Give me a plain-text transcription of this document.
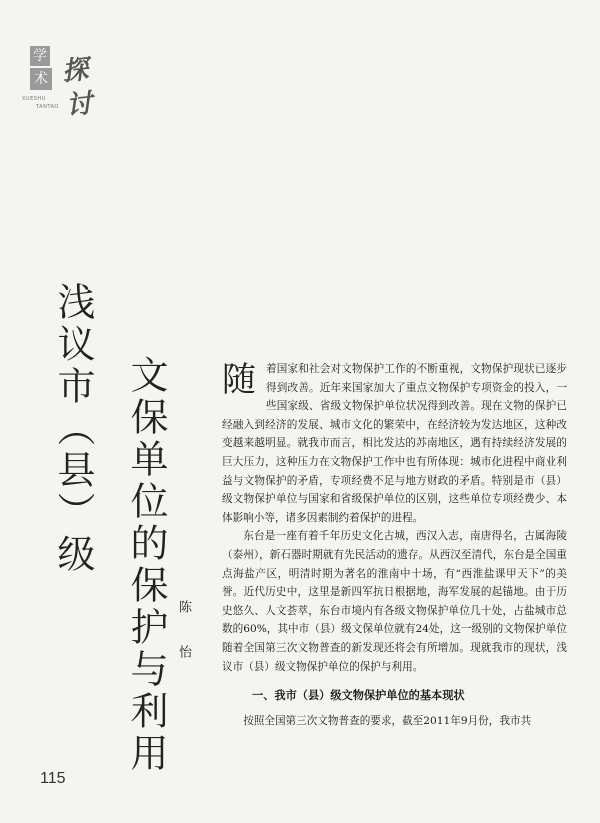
学
术 探
讨
XUESHU
TANTAO
浅议市（县）级 文保单位的保护与利用 陈 怡

随着国家和社会对文物保护工作的不断重视，文物保护现状已逐步得到改善。近年来国家加大了重点文物保护专项资金的投入，一些国家级、省级文物保护单位状况得到改善。现在文物的保护已经融入到经济的发展、城市文化的繁荣中，在经济较为发达地区，这种改变越来越明显。就我市而言，相比发达的苏南地区，遇有持续经济发展的巨大压力，这种压力在文物保护工作中也有所体现：城市化进程中商业利益与文物保护的矛盾，专项经费不足与地方财政的矛盾。特别是市（县）级文物保护单位与国家和省级保护单位的区别，这些单位专项经费少、本体影响小等，诸多因素制约着保护的进程。

东台是一座有着千年历史文化古城，西汉入志，南唐得名，古属海陵（泰州），新石器时期就有先民活动的遗存。从西汉至清代，东台是全国重点海盐产区，明清时期为著名的淮南中十场，有“西淮盐课甲天下”的美誉。近代历史中，这里是新四军抗日根据地，海军发展的起锚地。由于历史悠久、人文荟萃，东台市境内有各级文物保护单位几十处，占盐城市总数的60%，其中市（县）级文保单位就有24处，这一级别的文物保护单位随着全国第三次文物普查的新发现还将会有所增加。现就我市的现状，浅议市（县）级文物保护单位的保护与利用。

一、我市（县）级文物保护单位的基本现状

按照全国第三次文物普查的要求，截至2011年9月份，我市共

115
